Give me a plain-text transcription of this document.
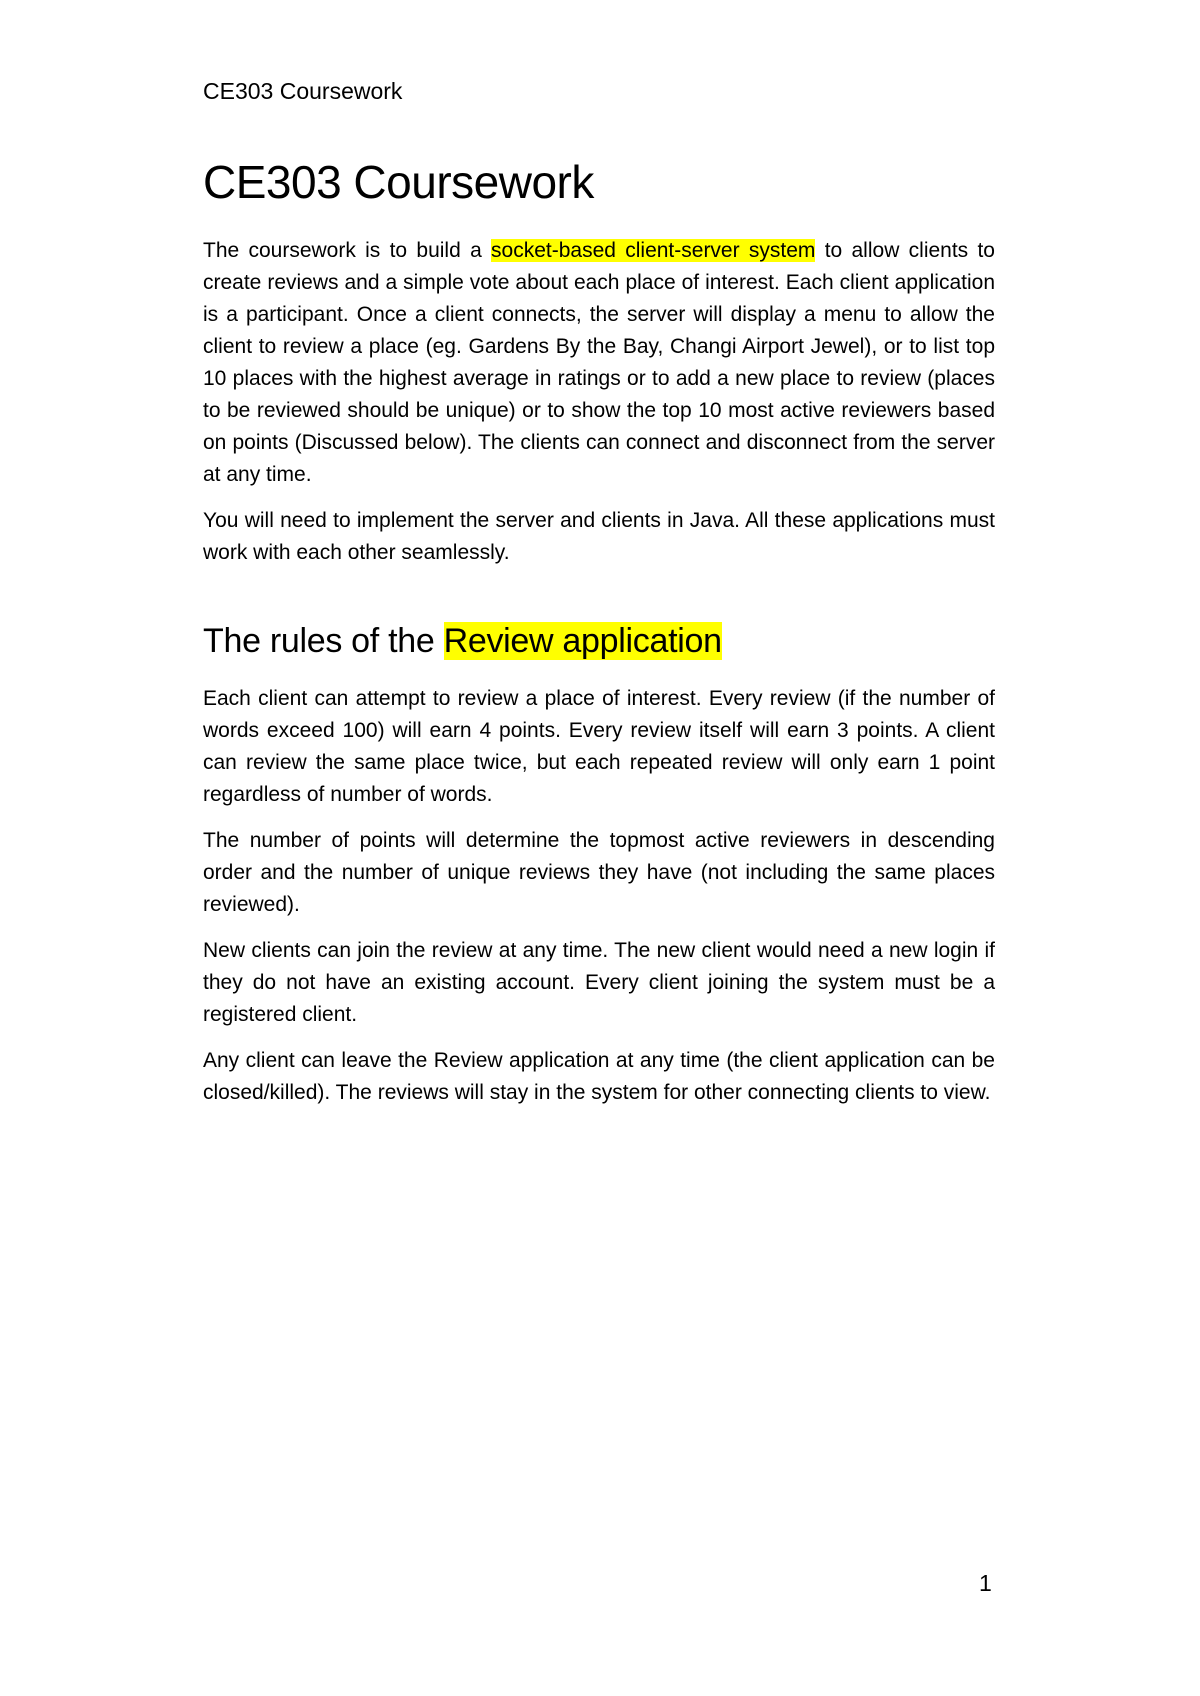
CE303 Coursework
CE303 Coursework

The coursework is to build a socket-based client-server system to allow clients to create reviews and a simple vote about each place of interest. Each client application is a participant. Once a client connects, the server will display a menu to allow the client to review a place (eg. Gardens By the Bay, Changi Airport Jewel), or to list top 10 places with the highest average in ratings or to add a new place to review (places to be reviewed should be unique) or to show the top 10 most active reviewers based on points (Discussed below). The clients can connect and disconnect from the server at any time.

You will need to implement the server and clients in Java. All these applications must work with each other seamlessly.

The rules of the Review application

Each client can attempt to review a place of interest. Every review (if the number of words exceed 100) will earn 4 points. Every review itself will earn 3 points. A client can review the same place twice, but each repeated review will only earn 1 point regardless of number of words.

The number of points will determine the topmost active reviewers in descending order and the number of unique reviews they have (not including the same places reviewed).

New clients can join the review at any time. The new client would need a new login if they do not have an existing account. Every client joining the system must be a registered client.

Any client can leave the Review application at any time (the client application can be closed/killed). The reviews will stay in the system for other connecting clients to view.

1
